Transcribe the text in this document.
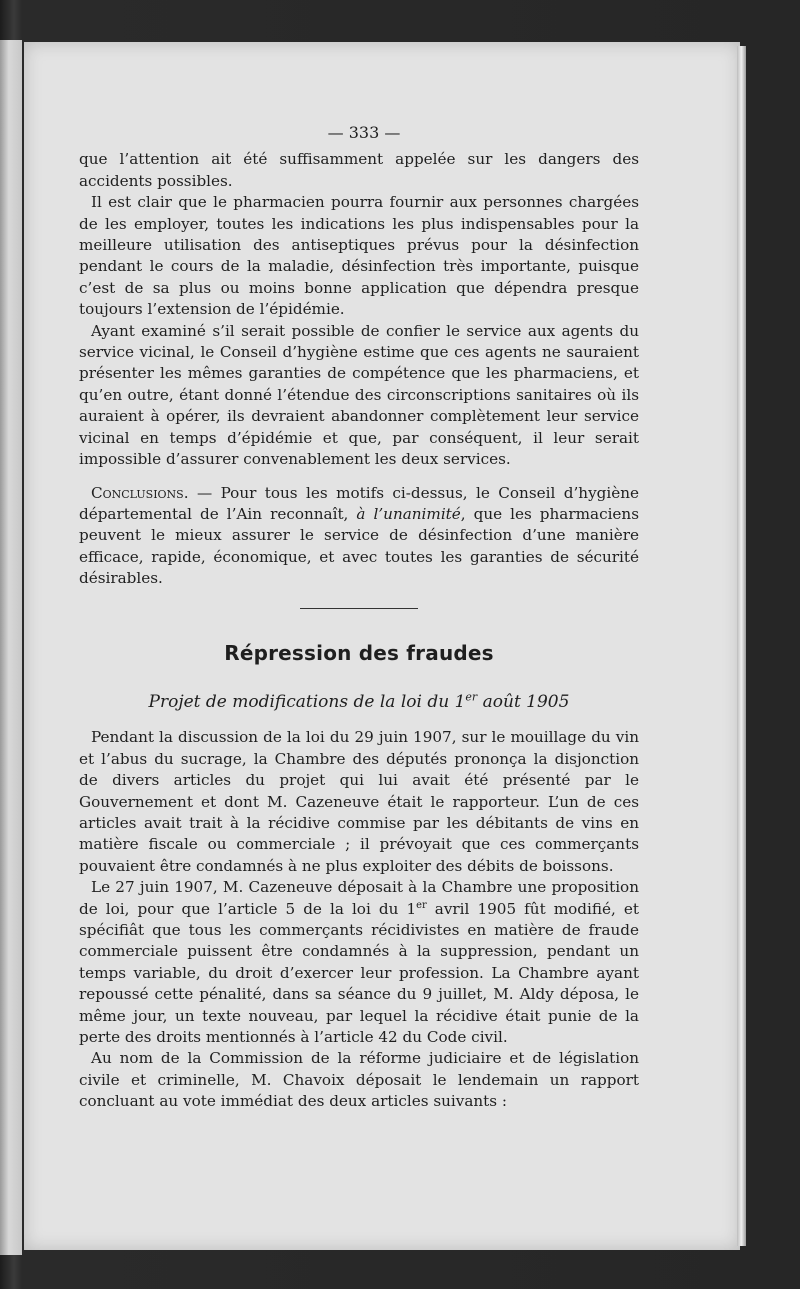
— 333 —

que l’attention ait été suffisamment appelée sur les dangers des accidents possibles.

Il est clair que le pharmacien pourra fournir aux personnes chargées de les employer, toutes les indications les plus indispensables pour la meilleure utilisation des antiseptiques prévus pour la désinfection pendant le cours de la maladie, désinfection très importante, puisque c’est de sa plus ou moins bonne application que dépendra presque toujours l’extension de l’épidémie.

Ayant examiné s’il serait possible de confier le service aux agents du service vicinal, le Conseil d’hygiène estime que ces agents ne sauraient présenter les mêmes garanties de compétence que les pharmaciens, et qu’en outre, étant donné l’étendue des circonscriptions sanitaires où ils auraient à opérer, ils devraient abandonner complètement leur service vicinal en temps d’épidémie et que, par conséquent, il leur serait impossible d’assurer convenablement les deux services.

Conclusions. — Pour tous les motifs ci-dessus, le Conseil d’hygiène départemental de l’Ain reconnaît, à l’unanimité, que les pharmaciens peuvent le mieux assurer le service de désinfection d’une manière efficace, rapide, économique, et avec toutes les garanties de sécurité désirables.

Répression des fraudes
Projet de modifications de la loi du 1er août 1905

Pendant la discussion de la loi du 29 juin 1907, sur le mouillage du vin et l’abus du sucrage, la Chambre des députés prononça la disjonction de divers articles du projet qui lui avait été présenté par le Gouvernement et dont M. Cazeneuve était le rapporteur. L’un de ces articles avait trait à la récidive commise par les débitants de vins en matière fiscale ou commerciale ; il prévoyait que ces commerçants pouvaient être condamnés à ne plus exploiter des débits de boissons.

Le 27 juin 1907, M. Cazeneuve déposait à la Chambre une proposition de loi, pour que l’article 5 de la loi du 1er avril 1905 fût modifié, et spécifiât que tous les commerçants récidivistes en matière de fraude commerciale puissent être condamnés à la suppression, pendant un temps variable, du droit d’exercer leur profession. La Chambre ayant repoussé cette pénalité, dans sa séance du 9 juillet, M. Aldy déposa, le même jour, un texte nouveau, par lequel la récidive était punie de la perte des droits mentionnés à l’article 42 du Code civil.

Au nom de la Commission de la réforme judiciaire et de législation civile et criminelle, M. Chavoix déposait le lendemain un rapport concluant au vote immédiat des deux articles suivants :
